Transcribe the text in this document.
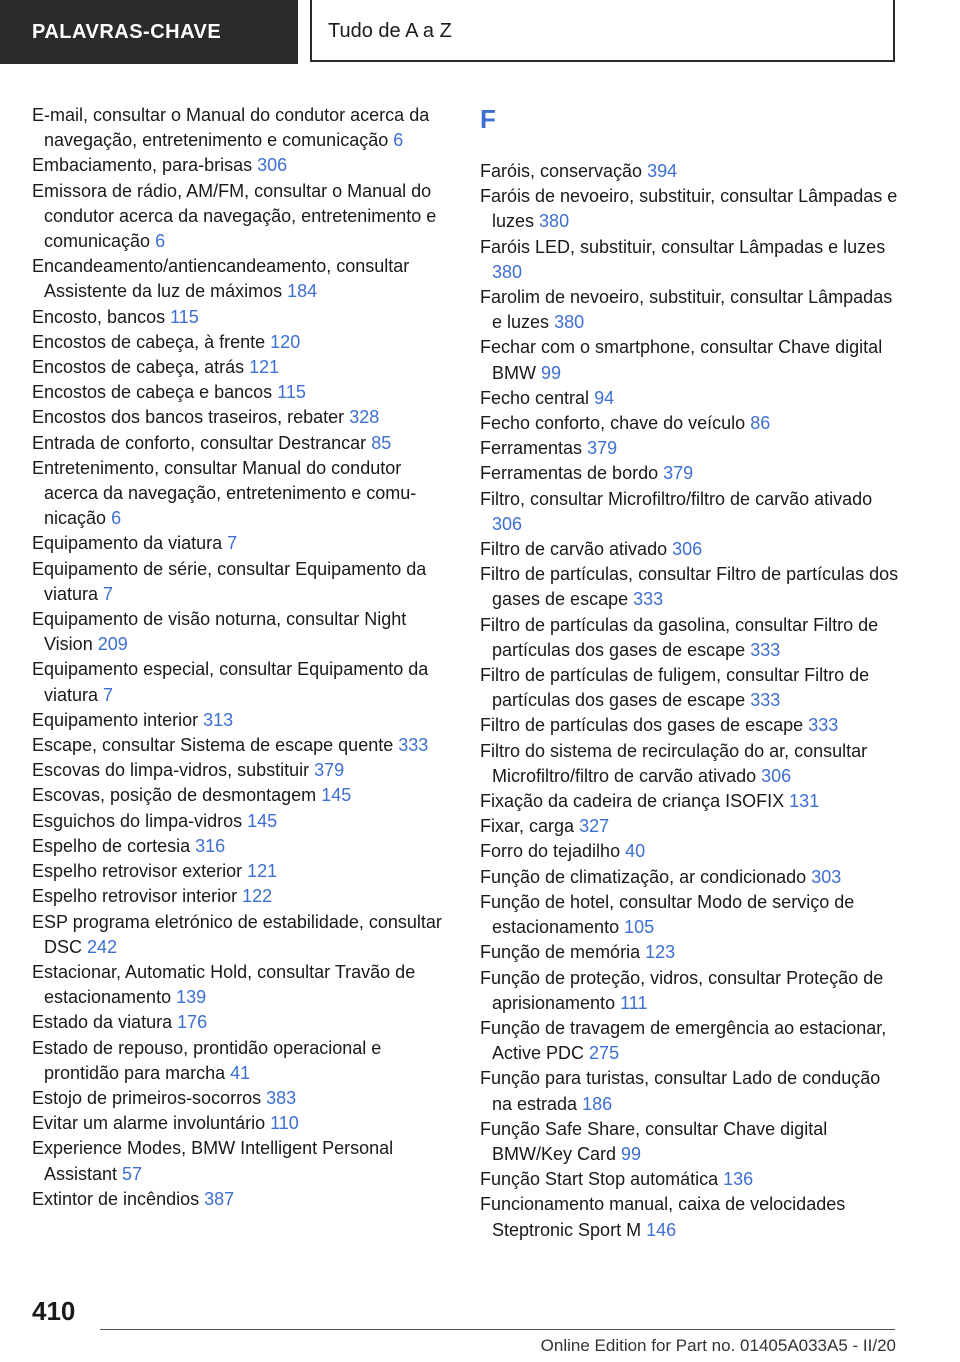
PALAVRAS-CHAVE	Tudo de A a Z
E-mail, consultar o Manual do condutor acerca da navegação, entretenimento e comunicação 6
Embaciamento, para-brisas 306
Emissora de rádio, AM/FM, consultar o Manual do condutor acerca da navegação, entretenimento e comunicação 6
Encandeamento/antiencandeamento, consultar Assistente da luz de máximos 184
Encosto, bancos 115
Encostos de cabeça, à frente 120
Encostos de cabeça, atrás 121
Encostos de cabeça e bancos 115
Encostos dos bancos traseiros, rebater 328
Entrada de conforto, consultar Destrancar 85
Entretenimento, consultar Manual do condutor acerca da navegação, entretenimento e comunicação 6
Equipamento da viatura 7
Equipamento de série, consultar Equipamento da viatura 7
Equipamento de visão noturna, consultar Night Vision 209
Equipamento especial, consultar Equipamento da viatura 7
Equipamento interior 313
Escape, consultar Sistema de escape quente 333
Escovas do limpa-vidros, substituir 379
Escovas, posição de desmontagem 145
Esguichos do limpa-vidros 145
Espelho de cortesia 316
Espelho retrovisor exterior 121
Espelho retrovisor interior 122
ESP programa eletrónico de estabilidade, consultar DSC 242
Estacionar, Automatic Hold, consultar Travão de estacionamento 139
Estado da viatura 176
Estado de repouso, prontidão operacional e prontidão para marcha 41
Estojo de primeiros-socorros 383
Evitar um alarme involuntário 110
Experience Modes, BMW Intelligent Personal Assistant 57
Extintor de incêndios 387
F
Faróis, conservação 394
Faróis de nevoeiro, substituir, consultar Lâmpadas e luzes 380
Faróis LED, substituir, consultar Lâmpadas e luzes 380
Farolim de nevoeiro, substituir, consultar Lâmpadas e luzes 380
Fechar com o smartphone, consultar Chave digital BMW 99
Fecho central 94
Fecho conforto, chave do veículo 86
Ferramentas 379
Ferramentas de bordo 379
Filtro, consultar Microfiltro/filtro de carvão ativado 306
Filtro de carvão ativado 306
Filtro de partículas, consultar Filtro de partículas dos gases de escape 333
Filtro de partículas da gasolina, consultar Filtro de partículas dos gases de escape 333
Filtro de partículas de fuligem, consultar Filtro de partículas dos gases de escape 333
Filtro de partículas dos gases de escape 333
Filtro do sistema de recirculação do ar, consultar Microfiltro/filtro de carvão ativado 306
Fixação da cadeira de criança ISOFIX 131
Fixar, carga 327
Forro do tejadilho 40
Função de climatização, ar condicionado 303
Função de hotel, consultar Modo de serviço de estacionamento 105
Função de memória 123
Função de proteção, vidros, consultar Proteção de aprisionamento 111
Função de travagem de emergência ao estacionar, Active PDC 275
Função para turistas, consultar Lado de condução na estrada 186
Função Safe Share, consultar Chave digital BMW/Key Card 99
Função Start Stop automática 136
Funcionamento manual, caixa de velocidades Steptronic Sport M 146
410
Online Edition for Part no. 01405A033A5 - II/20
